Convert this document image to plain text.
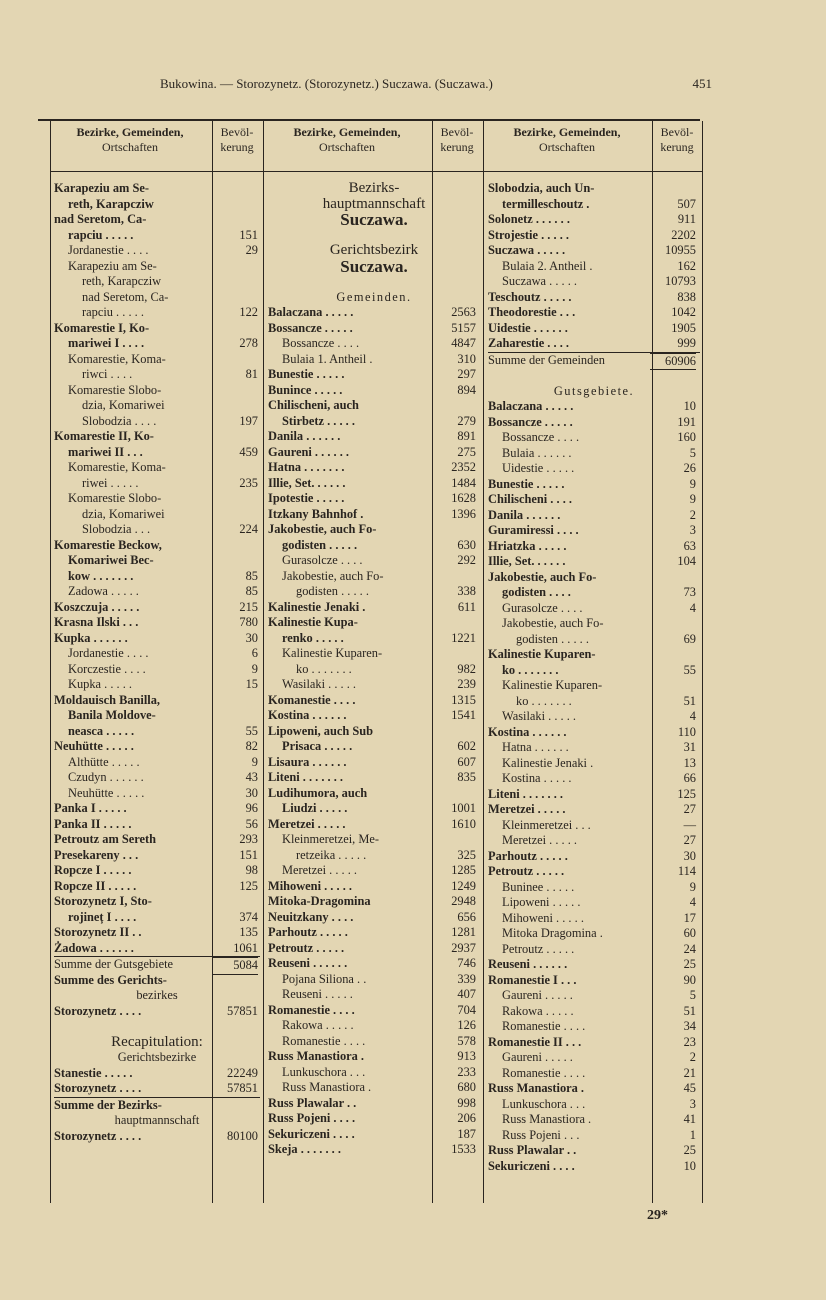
Bukowina. — Storozynetz. (Storozynetz.) Suczawa. (Suczawa.)	451
Bezirke, Gemeinden,
Ortschaften
Bevöl-
kerung
Bezirke, Gemeinden,
Ortschaften
Bevöl-
kerung
Bezirke, Gemeinden,
Ortschaften
Bevöl-
kerung
Karapeziu am Se-
reth, Karapcziw
nad Seretom, Ca-
rapciu . . . . .	151
Jordanestie . . . .	29
Karapeziu am Se-
reth, Karapcziw
nad Seretom, Ca-
rapciu . . . . .	122
Komarestie I, Ko-
mariwei I . . . .	278
Komarestie, Koma-
riwci . . . .	81
Komarestie Slobo-
dzia, Komariwei
Slobodzia . . . .	197
Komarestie II, Ko-
mariwei II . . .	459
Komarestie, Koma-
riwei . . . . .	235
Komarestie Slobo-
dzia, Komariwei
Slobodzia . . .	224
Komarestie Beckow,
Komariwei Bec-
kow . . . . . . .	85
Zadowa . . . . .	85
Koszczuja . . . . .	215
Krasna Ilski . . .	780
Kupka . . . . . .	30
Jordanestie . . . .	6
Korczestie . . . .	9
Kupka . . . . .	15
Moldauisch Banilla,
Banila Moldove-
neasca . . . . .	55
Neuhütte . . . . .	82
Althütte . . . . .	9
Czudyn . . . . . .	43
Neuhütte . . . . .	30
Panka I . . . . .	96
Panka II . . . . .	56
Petroutz am Sereth	293
Presekareny . . .	151
Ropcze I . . . . .	98
Ropcze II . . . . .	125
Storozynetz I, Sto-
rojineț I . . . .	374
Storozynetz II . .	135
Żadowa . . . . . .	1061
Summe der Gutsgebiete	5084
Summe des Gerichts-
bezirkes
Storozynetz . . . .	57851
Recapitulation:
Gerichtsbezirke
Stanestie . . . . .	22249
Storozynetz . . . .	57851
Summe der Bezirks-
hauptmannschaft
Storozynetz . . . .	80100
Bezirks-
hauptmannschaft
Suczawa.
Gerichtsbezirk
Suczawa.
Gemeinden.
Balaczana . . . . .	2563
Bossancze . . . . .	5157
Bossancze . . . .	4847
Bulaia 1. Antheil .	310
Bunestie . . . . .	297
Bunince . . . . .	894
Chilischeni, auch
Stirbetz . . . . .	279
Danila . . . . . .	891
Gaureni . . . . . .	275
Hatna . . . . . . .	2352
Illie, Set. . . . . .	1484
Ipotestie . . . . .	1628
Itzkany Bahnhof .	1396
Jakobestie, auch Fo-
godisten . . . . .	630
Gurasolcze . . . .	292
Jakobestie, auch Fo-
godisten . . . . .	338
Kalinestie Jenaki .	611
Kalinestie Kupa-
renko . . . . .	1221
Kalinestie Kuparen-
ko . . . . . . .	982
Wasilaki . . . . .	239
Komanestie . . . .	1315
Kostina . . . . . .	1541
Lipoweni, auch Sub
Prisaca . . . . .	602
Lisaura . . . . . .	607
Liteni . . . . . . .	835
Ludihumora, auch
Liudzi . . . . .	1001
Meretzei . . . . .	1610
Kleinmeretzei, Me-
retzeika . . . . .	325
Meretzei . . . . .	1285
Mihoweni . . . . .	1249
Mitoka-Dragomina	2948
Neuitzkany . . . .	656
Parhoutz . . . . .	1281
Petroutz . . . . .	2937
Reuseni . . . . . .	746
Pojana Siliona . .	339
Reuseni . . . . .	407
Romanestie . . . .	704
Rakowa . . . . .	126
Romanestie . . . .	578
Russ Manastiora .	913
Lunkuschora . . .	233
Russ Manastiora .	680
Russ Plawalar . .	998
Russ Pojeni . . . .	206
Sekuriczeni . . . .	187
Skeja . . . . . . .	1533
Slobodzia, auch Un-
termilleschoutz .	507
Solonetz . . . . . .	911
Strojestie . . . . .	2202
Suczawa . . . . .	10955
Bulaia 2. Antheil .	162
Suczawa . . . . .	10793
Teschoutz . . . . .	838
Theodorestie . . .	1042
Uidestie . . . . . .	1905
Zaharestie . . . .	999
Summe der Gemeinden	60906
Gutsgebiete.
Balaczana . . . . .	10
Bossancze . . . . .	191
Bossancze . . . .	160
Bulaia . . . . . .	5
Uidestie . . . . .	26
Bunestie . . . . .	9
Chilischeni . . . .	9
Danila . . . . . .	2
Guramiressi . . . .	3
Hriatzka . . . . .	63
Illie, Set. . . . . .	104
Jakobestie, auch Fo-
godisten . . . .	73
Gurasolcze . . . .	4
Jakobestie, auch Fo-
godisten . . . . .	69
Kalinestie Kuparen-
ko . . . . . . .	55
Kalinestie Kuparen-
ko . . . . . . .	51
Wasilaki . . . . .	4
Kostina . . . . . .	110
Hatna . . . . . .	31
Kalinestie Jenaki .	13
Kostina . . . . .	66
Liteni . . . . . . .	125
Meretzei . . . . .	27
Kleinmeretzei . . .	—
Meretzei . . . . .	27
Parhoutz . . . . .	30
Petroutz . . . . .	114
Buninee . . . . .	9
Lipoweni . . . . .	4
Mihoweni . . . . .	17
Mitoka Dragomina .	60
Petroutz . . . . .	24
Reuseni . . . . . .	25
Romanestie I . . .	90
Gaureni . . . . .	5
Rakowa . . . . .	51
Romanestie . . . .	34
Romanestie II . . .	23
Gaureni . . . . .	2
Romanestie . . . .	21
Russ Manastiora .	45
Lunkuschora . . .	3
Russ Manastiora .	41
Russ Pojeni . . .	1
Russ Plawalar . .	25
Sekuriczeni . . . .	10
29*
